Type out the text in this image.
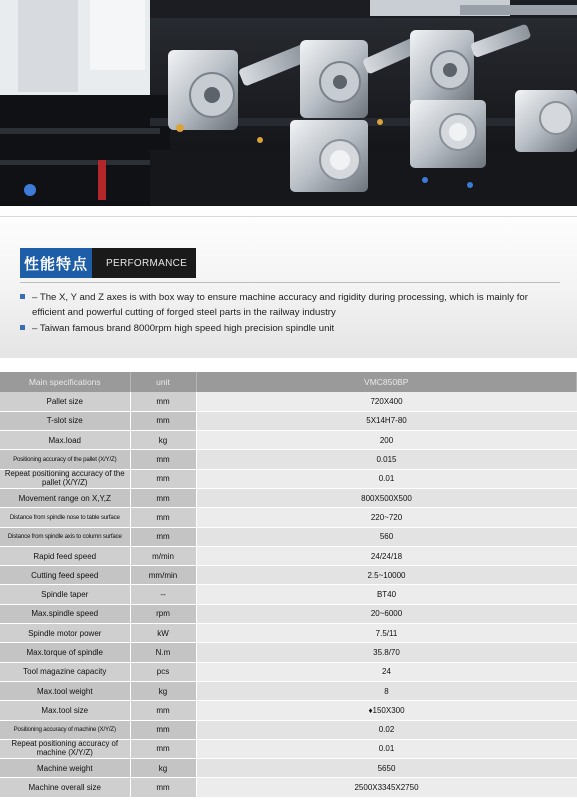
性能特点	PERFORMANCE
– The X, Y and Z axes is with box way to ensure machine accuracy and rigidity during processing, which is mainly for efficient and powerful cutting of forged steel parts in the railway industry
– Taiwan famous brand 8000rpm high speed high precision spindle unit
Main specifications	unit	VMC850BP
Pallet size	mm	720X400
T-slot size	mm	5X14H7-80
Max.load	kg	200
Positioning accuracy of the pallet (X/Y/Z)	mm	0.015
Repeat positioning accuracy of the pallet (X/Y/Z)	mm	0.01
Movement range on X,Y,Z	mm	800X500X500
Distance from spindle nose to table surface	mm	220~720
Distance from spindle axis to column surface	mm	560
Rapid feed speed	m/min	24/24/18
Cutting feed speed	mm/min	2.5~10000
Spindle taper	--	BT40
Max.spindle speed	rpm	20~6000
Spindle motor power	kW	7.5/11
Max.torque of spindle	N.m	35.8/70
Tool magazine capacity	pcs	24
Max.tool weight	kg	8
Max.tool size	mm	♦150X300
Positioning accuracy of machine (X/Y/Z)	mm	0.02
Repeat positioning accuracy of machine (X/Y/Z)	mm	0.01
Machine weight	kg	5650
Machine overall size	mm	2500X3345X2750
